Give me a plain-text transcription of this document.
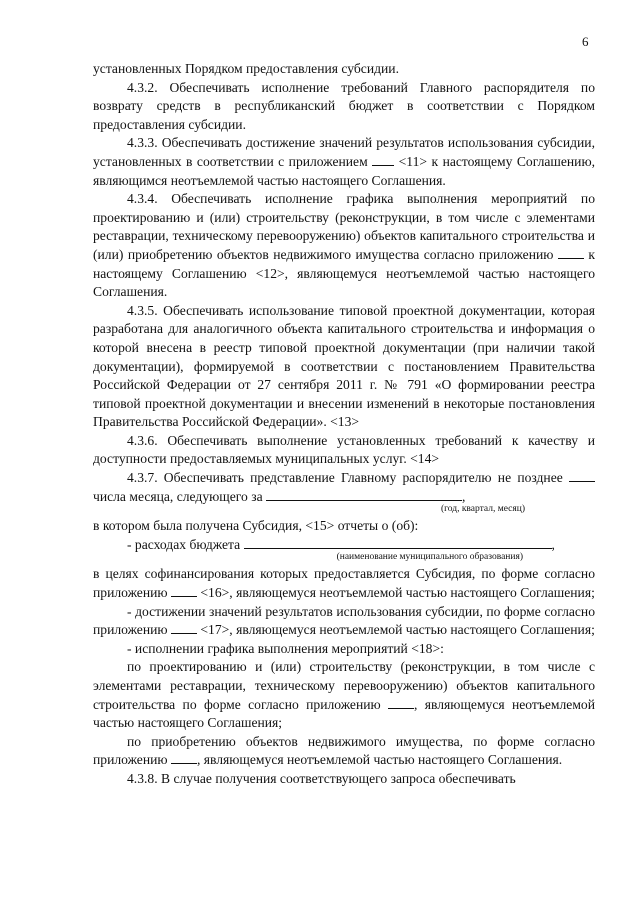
6

установленных Порядком предоставления субсидии.

4.3.2. Обеспечивать исполнение требований Главного распорядителя по возврату средств в республиканский бюджет в соответствии с Порядком предоставления субсидии.

4.3.3. Обеспечивать достижение значений результатов использования субсидии, установленных в соответствии с приложением <11> к настоящему Соглашению, являющимся неотъемлемой частью настоящего Соглашения.

4.3.4. Обеспечивать исполнение графика выполнения мероприятий по проектированию и (или) строительству (реконструкции, в том числе с элементами реставрации, техническому перевооружению) объектов капитального строительства и (или) приобретению объектов недвижимого имущества согласно приложению	к настоящему Соглашению <12>, являющемуся неотъемлемой частью настоящего Соглашения.

4.3.5. Обеспечивать использование типовой проектной документации, которая разработана для аналогичного объекта капитального строительства и информация о которой внесена в реестр типовой проектной документации (при наличии такой документации), формируемой в соответствии с постановлением Правительства Российской Федерации от 27 сентября 2011 г. № 791 «О формировании реестра типовой проектной документации и внесении изменений в некоторые постановления Правительства Российской Федерации». <13>

4.3.6. Обеспечивать выполнение установленных требований к качеству и доступности предоставляемых муниципальных услуг. <14>

4.3.7. Обеспечивать представление Главному распорядителю не позднее  числа месяца, следующего за	,

(год, квартал, месяц)

в котором была получена Субсидия, <15> отчеты о (об):

- расходах бюджета	,

(наименование муниципального образования)

в целях софинансирования которых предоставляется Субсидия, по форме согласно приложению <16>, являющемуся неотъемлемой частью настоящего Соглашения;

- достижении значений результатов использования субсидии, по форме согласно приложению <17>, являющемуся неотъемлемой частью настоящего Соглашения;

- исполнении графика выполнения мероприятий <18>:

по проектированию и (или) строительству (реконструкции, в том числе с элементами реставрации, техническому перевооружению) объектов капитального строительства по форме согласно приложению , являющемуся неотъемлемой частью настоящего Соглашения;

по приобретению объектов недвижимого имущества, по форме согласно приложению , являющемуся неотъемлемой частью настоящего Соглашения.

4.3.8. В случае получения соответствующего запроса обеспечивать
